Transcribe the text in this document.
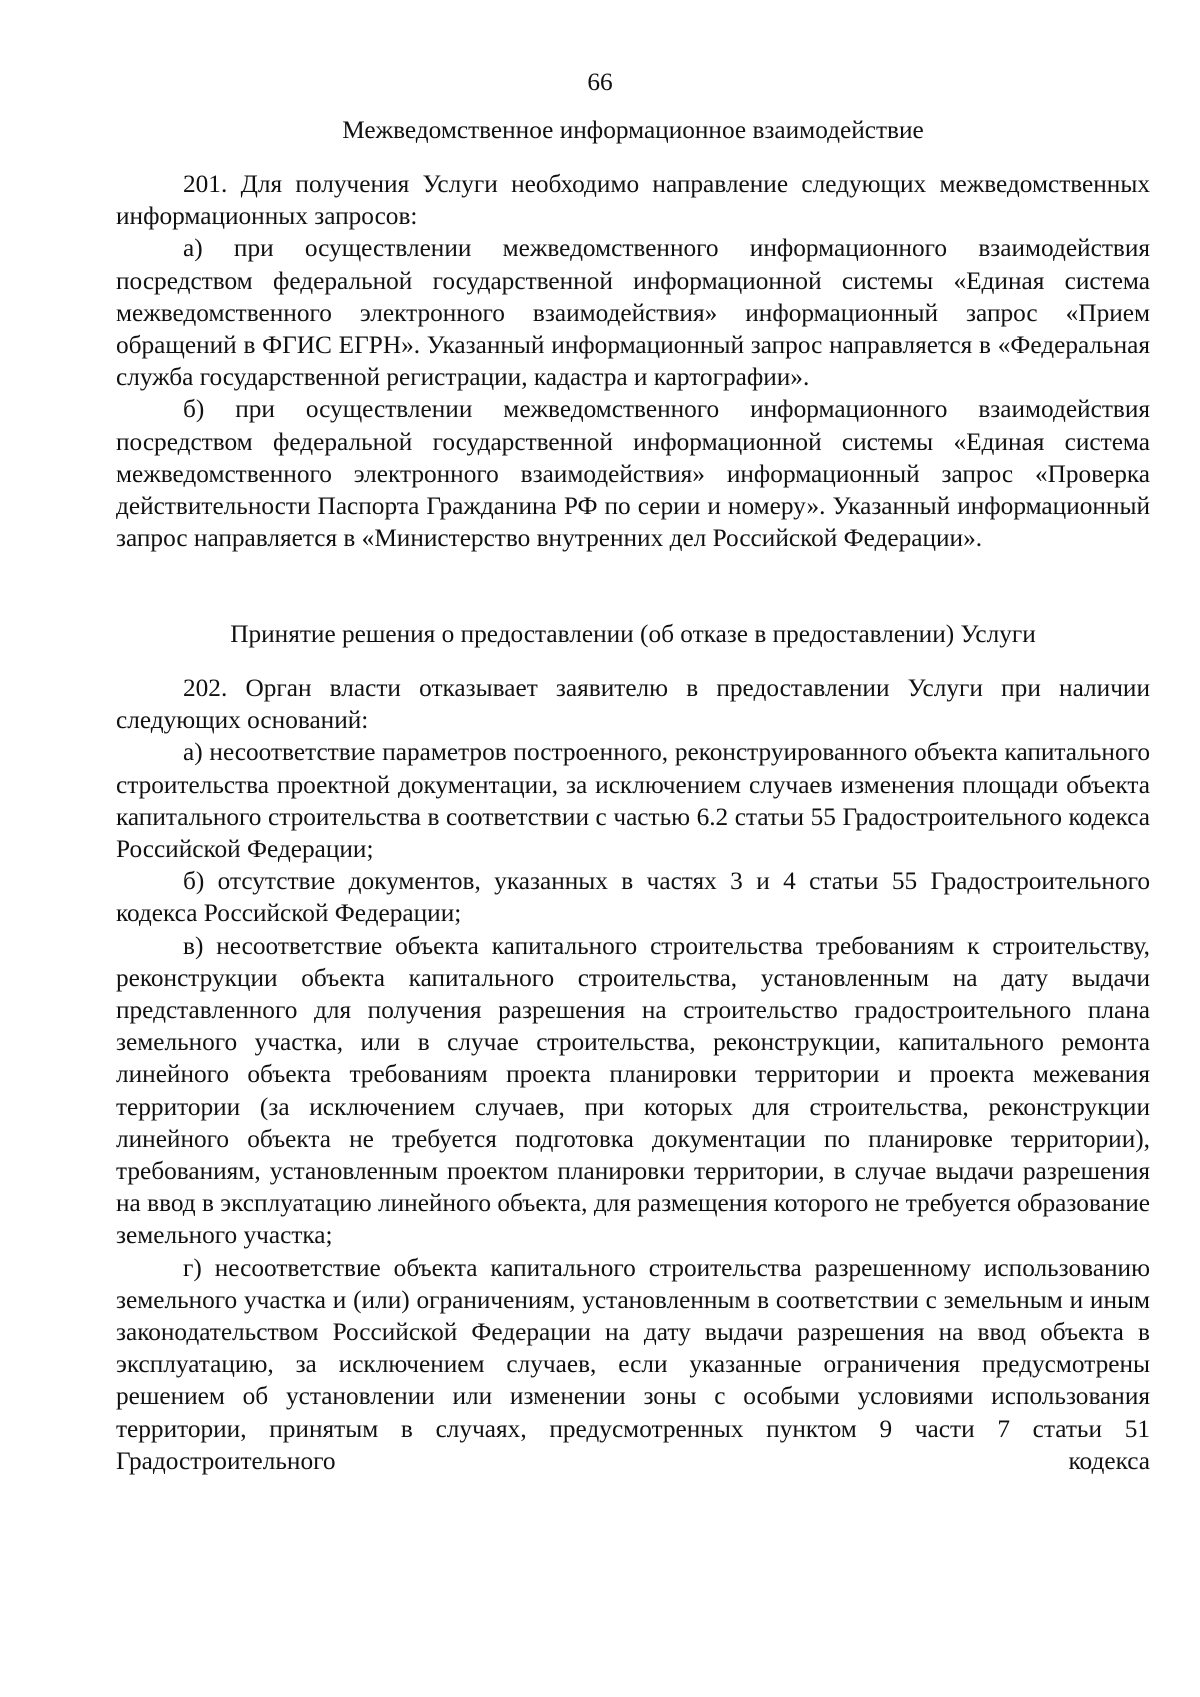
66
Межведомственное информационное взаимодействие

201. Для получения Услуги необходимо направление следующих межведомственных информационных запросов:

а) при осуществлении межведомственного информационного взаимодействия посредством федеральной государственной информационной системы «Единая система межведомственного электронного взаимодействия» информационный запрос «Прием обращений в ФГИС ЕГРН». Указанный информационный запрос направляется в «Федеральная служба государственной регистрации, кадастра и картографии».

б) при осуществлении межведомственного информационного взаимодействия посредством федеральной государственной информационной системы «Единая система межведомственного электронного взаимодействия» информационный запрос «Проверка действительности Паспорта Гражданина РФ по серии и номеру». Указанный информационный запрос направляется в «Министерство внутренних дел Российской Федерации».

Принятие решения о предоставлении (об отказе в предоставлении) Услуги

202. Орган власти отказывает заявителю в предоставлении Услуги при наличии следующих оснований:

а) несоответствие параметров построенного, реконструированного объекта капитального строительства проектной документации, за исключением случаев изменения площади объекта капитального строительства в соответствии с частью 6.2 статьи 55 Градостроительного кодекса Российской Федерации;

б) отсутствие документов, указанных в частях 3 и 4 статьи 55 Градостроительного кодекса Российской Федерации;

в) несоответствие объекта капитального строительства требованиям к строительству, реконструкции объекта капитального строительства, установленным на дату выдачи представленного для получения разрешения на строительство градостроительного плана земельного участка, или в случае строительства, реконструкции, капитального ремонта линейного объекта требованиям проекта планировки территории и проекта межевания территории (за исключением случаев, при которых для строительства, реконструкции линейного объекта не требуется подготовка документации по планировке территории), требованиям, установленным проектом планировки территории, в случае выдачи разрешения на ввод в эксплуатацию линейного объекта, для размещения которого не требуется образование земельного участка;

г) несоответствие объекта капитального строительства разрешенному использованию земельного участка и (или) ограничениям, установленным в соответствии с земельным и иным законодательством Российской Федерации на дату выдачи разрешения на ввод объекта в эксплуатацию, за исключением случаев, если указанные ограничения предусмотрены решением об установлении или изменении зоны с особыми условиями использования территории, принятым в случаях, предусмотренных пунктом 9 части 7 статьи 51 Градостроительного кодекса
